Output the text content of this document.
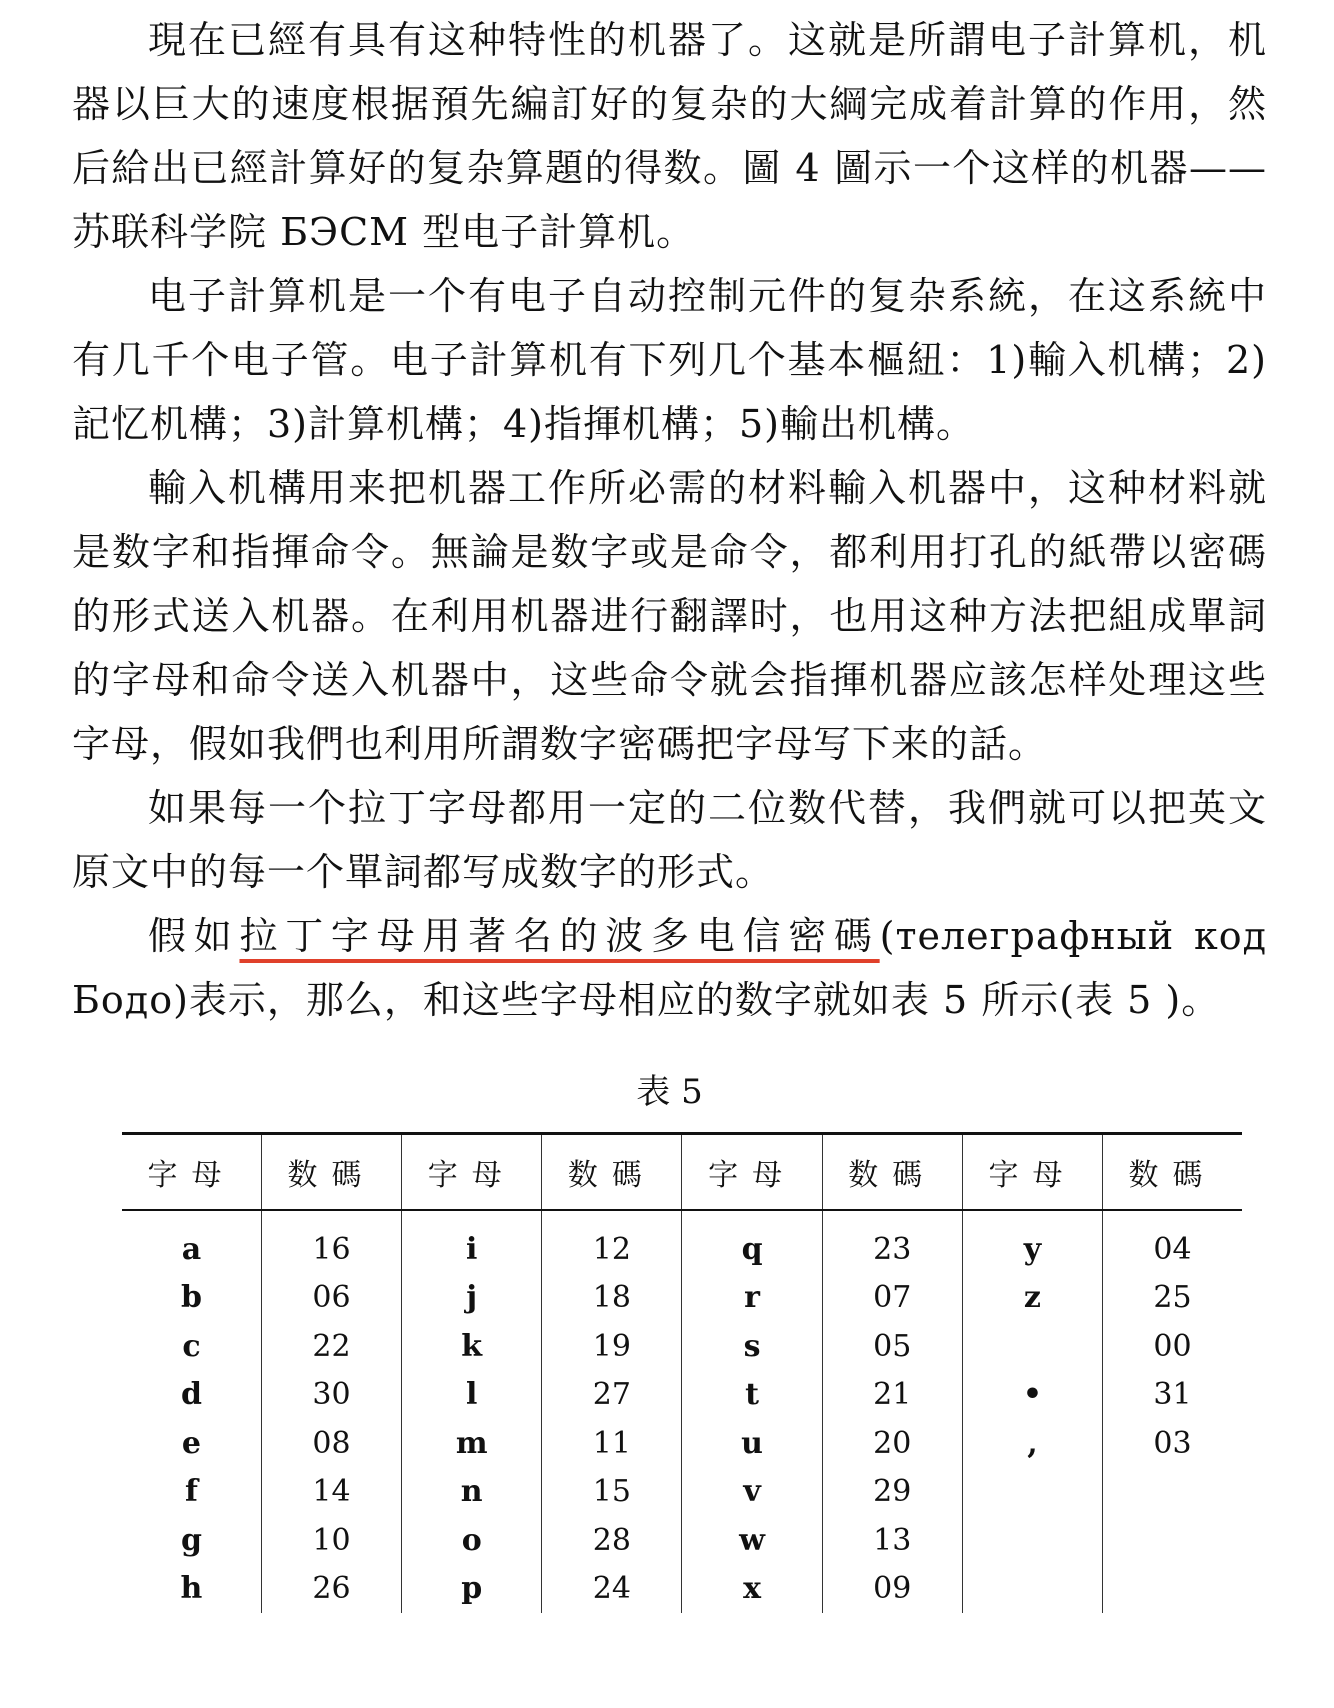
現在已經有具有这种特性的机器了。这就是所謂电子計算机，机器以巨大的速度根据預先編訂好的复杂的大綱完成着計算的作用，然后給出已經計算好的复杂算題的得数。圖 4 圖示一个这样的机器——苏联科学院 БЭСМ 型电子計算机。

电子計算机是一个有电子自动控制元件的复杂系統，在这系統中有几千个电子管。电子計算机有下列几个基本樞紐：1)輸入机構；2)記忆机構；3)計算机構；4)指揮机構；5)輸出机構。

輸入机構用来把机器工作所必需的材料輸入机器中，这种材料就是数字和指揮命令。無論是数字或是命令，都利用打孔的紙帶以密碼的形式送入机器。在利用机器进行翻譯时，也用这种方法把組成單詞的字母和命令送入机器中，这些命令就会指揮机器应該怎样处理这些字母，假如我們也利用所謂数字密碼把字母写下来的話。

如果每一个拉丁字母都用一定的二位数代替，我們就可以把英文原文中的每一个單詞都写成数字的形式。

假如拉丁字母用著名的波多电信密碼(телеграфный код Бодо)表示，那么，和这些字母相应的数字就如表 5 所示(表 5 )。

表 5
字母	数碼	字母	数碼	字母	数碼	字母	数碼
a	16	i	12	q	23	y	04
b	06	j	18	r	07	z	25
c	22	k	19	s	05		00
d	30	l	27	t	21	•	31
e	08	m	11	u	20	,	03
f	14	n	15	v	29		
g	10	o	28	w	13		
h	26	p	24	x	09		
